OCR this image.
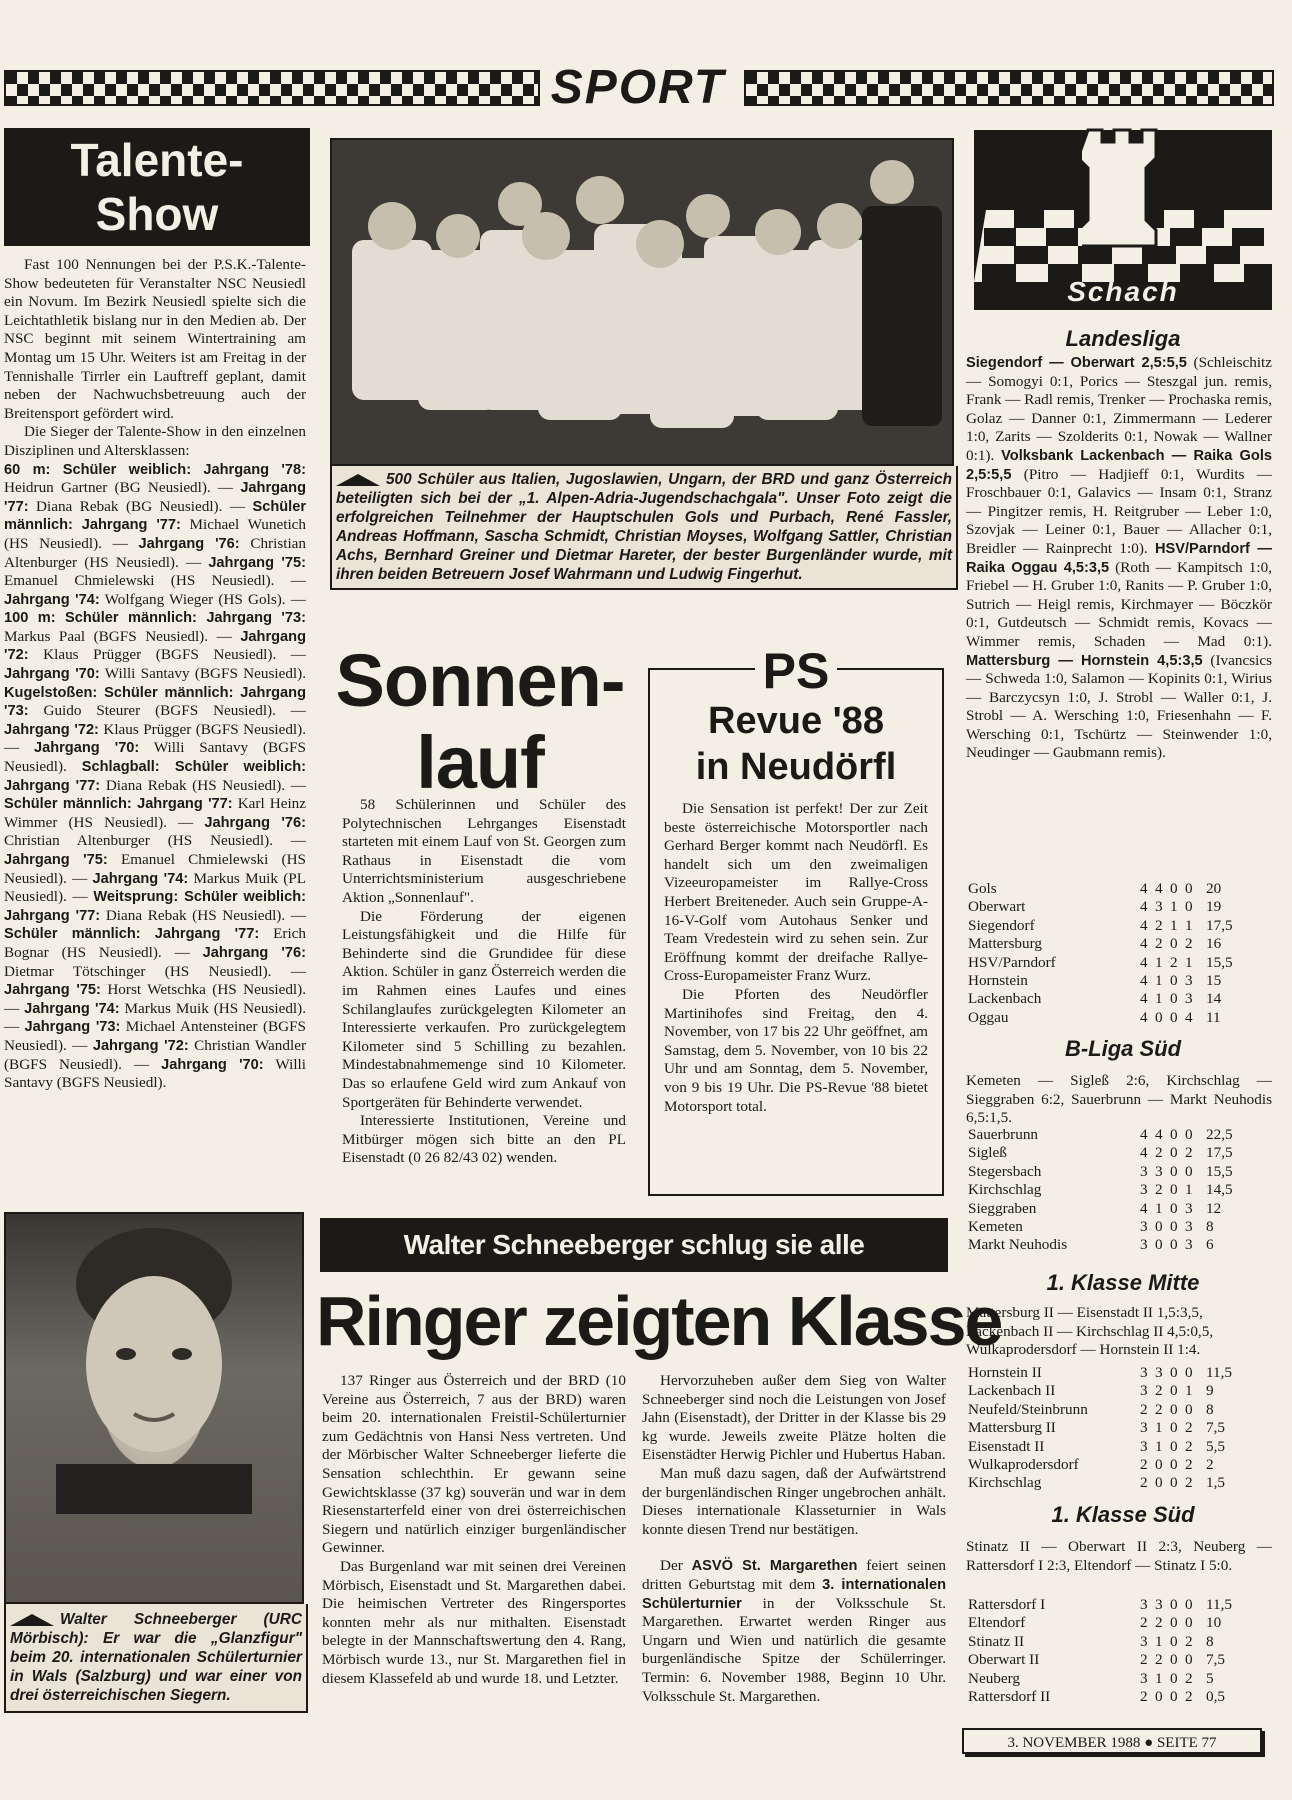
SPORT
Talente-
Show

Fast 100 Nennungen bei der P.S.K.-Talente-Show bedeuteten für Veranstalter NSC Neusiedl ein Novum. Im Bezirk Neusiedl spielte sich die Leichtathletik bislang nur in den Medien ab. Der NSC beginnt mit seinem Wintertraining am Montag um 15 Uhr. Weiters ist am Freitag in der Tennishalle Tirrler ein Lauftreff geplant, damit neben der Nachwuchsbetreuung auch der Breitensport gefördert wird.

Die Sieger der Talente-Show in den einzelnen Disziplinen und Altersklassen:

60 m: Schüler weiblich: Jahrgang '78: Heidrun Gartner (BG Neusiedl). — Jahrgang '77: Diana Rebak (BG Neusiedl). — Schüler männlich: Jahrgang '77: Michael Wunetich (HS Neusiedl). — Jahrgang '76: Christian Altenburger (HS Neusiedl). — Jahrgang '75: Emanuel Chmielewski (HS Neusiedl). — Jahrgang '74: Wolfgang Wieger (HS Gols). — 100 m: Schüler männlich: Jahrgang '73: Markus Paal (BGFS Neusiedl). — Jahrgang '72: Klaus Prügger (BGFS Neusiedl). — Jahrgang '70: Willi Santavy (BGFS Neusiedl). Kugelstoßen: Schüler männlich: Jahrgang '73: Guido Steurer (BGFS Neusiedl). — Jahrgang '72: Klaus Prügger (BGFS Neusiedl). — Jahrgang '70: Willi Santavy (BGFS Neusiedl). Schlagball: Schüler weiblich: Jahrgang '77: Diana Rebak (HS Neusiedl). — Schüler männlich: Jahrgang '77: Karl Heinz Wimmer (HS Neusiedl). — Jahrgang '76: Christian Altenburger (HS Neusiedl). — Jahrgang '75: Emanuel Chmielewski (HS Neusiedl). — Jahrgang '74: Markus Muik (PL Neusiedl). — Weitsprung: Schüler weiblich: Jahrgang '77: Diana Rebak (HS Neusiedl). — Schüler männlich: Jahrgang '77: Erich Bognar (HS Neusiedl). — Jahrgang '76: Dietmar Tötschinger (HS Neusiedl). — Jahrgang '75: Horst Wetschka (HS Neusiedl). — Jahrgang '74: Markus Muik (HS Neusiedl). — Jahrgang '73: Michael Antensteiner (BGFS Neusiedl). — Jahrgang '72: Christian Wandler (BGFS Neusiedl). — Jahrgang '70: Willi Santavy (BGFS Neusiedl).

Walter Schneeberger (URC Mörbisch): Er war die „Glanzfigur" beim 20. internationalen Schülerturnier in Wals (Salzburg) und war einer von drei österreichischen Siegern.
500 Schüler aus Italien, Jugoslawien, Ungarn, der BRD und ganz Österreich beteiligten sich bei der „1. Alpen-Adria-Jugendschachgala". Unser Foto zeigt die erfolgreichen Teilnehmer der Hauptschulen Gols und Purbach, René Fassler, Andreas Hoffmann, Sascha Schmidt, Christian Moyses, Wolfgang Sattler, Christian Achs, Bernhard Greiner und Dietmar Hareter, der bester Burgenländer wurde, mit ihren beiden Betreuern Josef Wahrmann und Ludwig Fingerhut.
Sonnen-
lauf

58 Schülerinnen und Schüler des Polytechnischen Lehrganges Eisenstadt starteten mit einem Lauf von St. Georgen zum Rathaus in Eisenstadt die vom Unterrichtsministerium ausgeschriebene Aktion „Sonnenlauf".

Die Förderung der eigenen Leistungsfähigkeit und die Hilfe für Behinderte sind die Grundidee für diese Aktion. Schüler in ganz Österreich werden die im Rahmen eines Laufes und eines Schilanglaufes zurückgelegten Kilometer an Interessierte verkaufen. Pro zurückgelegtem Kilometer sind 5 Schilling zu bezahlen. Mindestabnahmemenge sind 10 Kilometer. Das so erlaufene Geld wird zum Ankauf von Sportgeräten für Behinderte verwendet.

Interessierte Institutionen, Vereine und Mitbürger mögen sich bitte an den PL Eisenstadt (0 26 82/43 02) wenden.

PS
Revue '88
in Neudörfl

Die Sensation ist perfekt! Der zur Zeit beste österreichische Motorsportler nach Gerhard Berger kommt nach Neudörfl. Es handelt sich um den zweimaligen Vizeeuropameister im Rallye-Cross Herbert Breiteneder. Auch sein Gruppe-A-16-V-Golf vom Autohaus Senker und Team Vredestein wird zu sehen sein. Zur Eröffnung kommt der dreifache Rallye-Cross-Europameister Franz Wurz.

Die Pforten des Neudörfler Martinihofes sind Freitag, den 4. November, von 17 bis 22 Uhr geöffnet, am Samstag, dem 5. November, von 10 bis 22 Uhr und am Sonntag, dem 5. November, von 9 bis 19 Uhr. Die PS-Revue '88 bietet Motorsport total.

Walter Schneeberger schlug sie alle
Ringer zeigten Klasse

137 Ringer aus Österreich und der BRD (10 Vereine aus Österreich, 7 aus der BRD) waren beim 20. internationalen Freistil-Schülerturnier zum Gedächtnis von Hansi Ness vertreten. Und der Mörbischer Walter Schneeberger lieferte die Sensation schlechthin. Er gewann seine Gewichtsklasse (37 kg) souverän und war in dem Riesenstarterfeld einer von drei österreichischen Siegern und natürlich einziger burgenländischer Gewinner.

Das Burgenland war mit seinen drei Vereinen Mörbisch, Eisenstadt und St. Margarethen dabei. Die heimischen Vertreter des Ringersportes konnten mehr als nur mithalten. Eisenstadt belegte in der Mannschaftswertung den 4. Rang, Mörbisch wurde 13., nur St. Margarethen fiel in diesem Klassefeld ab und wurde 18. und Letzter.

Hervorzuheben außer dem Sieg von Walter Schneeberger sind noch die Leistungen von Josef Jahn (Eisenstadt), der Dritter in der Klasse bis 29 kg wurde. Jeweils zweite Plätze holten die Eisenstädter Herwig Pichler und Hubertus Haban.

Man muß dazu sagen, daß der Aufwärtstrend der burgenländischen Ringer ungebrochen anhält. Dieses internationale Klasseturnier in Wals konnte diesen Trend nur bestätigen.

Der ASVÖ St. Margarethen feiert seinen dritten Geburtstag mit dem 3. internationalen Schülerturnier in der Volksschule St. Margarethen. Erwartet werden Ringer aus Ungarn und Wien und natürlich die gesamte burgenländische Spitze der Schülerringer. Termin: 6. November 1988, Beginn 10 Uhr. Volksschule St. Margarethen.

Schach
Landesliga
Siegendorf — Oberwart 2,5:5,5 (Schleischitz — Somogyi 0:1, Porics — Steszgal jun. remis, Frank — Radl remis, Trenker — Prochaska remis, Golaz — Danner 0:1, Zimmermann — Lederer 1:0, Zarits — Szolderits 0:1, Nowak — Wallner 0:1). Volksbank Lackenbach — Raika Gols 2,5:5,5 (Pitro — Hadjieff 0:1, Wurdits — Froschbauer 0:1, Galavics — Insam 0:1, Stranz — Pingitzer remis, H. Reitgruber — Leber 1:0, Szovjak — Leiner 0:1, Bauer — Allacher 0:1, Breidler — Rainprecht 1:0). HSV/Parndorf — Raika Oggau 4,5:3,5 (Roth — Kampitsch 1:0, Friebel — H. Gruber 1:0, Ranits — P. Gruber 1:0, Sutrich — Heigl remis, Kirchmayer — Böczkör 0:1, Gutdeutsch — Schmidt remis, Kovacs — Wimmer remis, Schaden — Mad 0:1). Mattersburg — Hornstein 4,5:3,5 (Ivancsics — Schweda 1:0, Salamon — Kopinits 0:1, Wirius — Barczycsyn 1:0, J. Strobl — Waller 0:1, J. Strobl — A. Wersching 1:0, Friesenhahn — F. Wersching 0:1, Tschürtz — Steinwender 1:0, Neudinger — Gaubmann remis).
Gols	4	4	0	0	20
Oberwart	4	3	1	0	19
Siegendorf	4	2	1	1	17,5
Mattersburg	4	2	0	2	16
HSV/Parndorf	4	1	2	1	15,5
Hornstein	4	1	0	3	15
Lackenbach	4	1	0	3	14
Oggau	4	0	0	4	11
B-Liga Süd
Kemeten — Sigleß 2:6, Kirchschlag — Sieggraben 6:2, Sauerbrunn — Markt Neuhodis 6,5:1,5.
Sauerbrunn	4	4	0	0	22,5
Sigleß	4	2	0	2	17,5
Stegersbach	3	3	0	0	15,5
Kirchschlag	3	2	0	1	14,5
Sieggraben	4	1	0	3	12
Kemeten	3	0	0	3	8
Markt Neuhodis	3	0	0	3	6
1. Klasse Mitte
Mattersburg II — Eisenstadt II 1,5:3,5, Lackenbach II — Kirchschlag II 4,5:0,5, Wulkaprodersdorf — Hornstein II 1:4.
Hornstein II	3	3	0	0	11,5
Lackenbach II	3	2	0	1	9
Neufeld/Steinbrunn	2	2	0	0	8
Mattersburg II	3	1	0	2	7,5
Eisenstadt II	3	1	0	2	5,5
Wulkaprodersdorf	2	0	0	2	2
Kirchschlag	2	0	0	2	1,5
1. Klasse Süd
Stinatz II — Oberwart II 2:3, Neuberg — Rattersdorf I 2:3, Eltendorf — Stinatz I 5:0.
Rattersdorf I	3	3	0	0	11,5
Eltendorf	2	2	0	0	10
Stinatz II	3	1	0	2	8
Oberwart II	2	2	0	0	7,5
Neuberg	3	1	0	2	5
Rattersdorf II	2	0	0	2	0,5
3. NOVEMBER 1988 ● SEITE 77
